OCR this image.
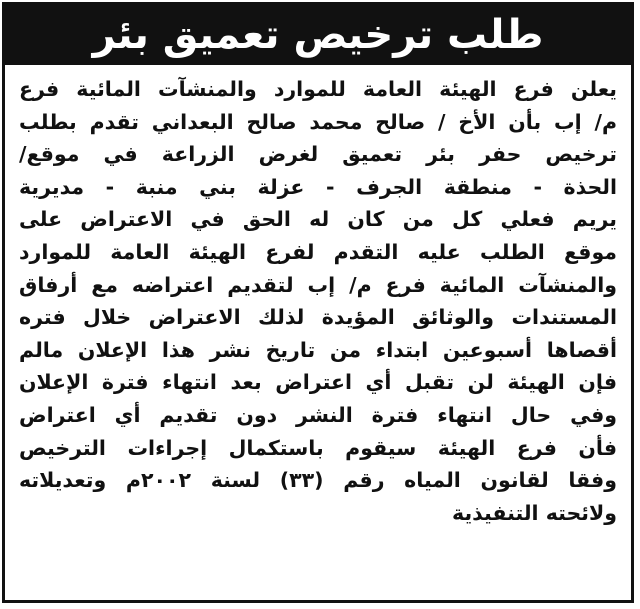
طلب ترخيص تعميق بئر
يعلن فرع الهيئة العامة للموارد والمنشآت المائية فرع
م/ إب بأن الأخ / صالح محمد صالح البعداني تقدم بطلب
ترخيص حفر بئر تعميق لغرض الزراعة في موقع/
الحذة - منطقة الجرف - عزلة بني منبة - مديرية
يريم فعلي كل من كان له الحق في الاعتراض على
موقع الطلب عليه التقدم لفرع الهيئة العامة للموارد
والمنشآت المائية فرع م/ إب لتقديم اعتراضه مع أرفاق
المستندات والوثائق المؤيدة لذلك الاعتراض خلال فتره
أقصاها أسبوعين ابتداء من تاريخ نشر هذا الإعلان مالم
فإن الهيئة لن تقبل أي اعتراض بعد انتهاء فترة الإعلان
وفي حال انتهاء فترة النشر دون تقديم أي اعتراض
فأن فرع الهيئة سيقوم باستكمال إجراءات الترخيص
وفقا لقانون المياه رقم (٣٣) لسنة ٢٠٠٢م وتعديلاته
ولائحته التنفيذية
